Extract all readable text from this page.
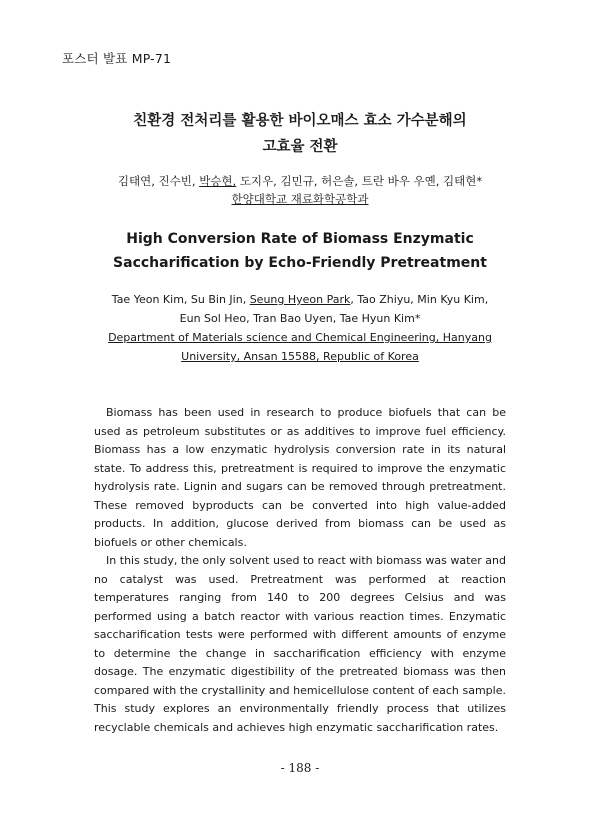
포스터 발표 MP-71
친환경 전처리를 활용한 바이오매스 효소 가수분해의
고효율 전환
김태연, 진수빈, 박승현, 도지우, 김민규, 허은솔, 트란 바우 우옌, 김태현*
한양대학교 재료화학공학과
High Conversion Rate of Biomass Enzymatic
Saccharification by Echo-Friendly Pretreatment
Tae Yeon Kim, Su Bin Jin, Seung Hyeon Park, Tao Zhiyu, Min Kyu Kim,
Eun Sol Heo, Tran Bao Uyen, Tae Hyun Kim*
Department of Materials science and Chemical Engineering, Hanyang
University, Ansan 15588, Republic of Korea

Biomass has been used in research to produce biofuels that can be used as petroleum substitutes or as additives to improve fuel efficiency. Biomass has a low enzymatic hydrolysis conversion rate in its natural state. To address this, pretreatment is required to improve the enzymatic hydrolysis rate. Lignin and sugars can be removed through pretreatment. These removed byproducts can be converted into high value-added products. In addition, glucose derived from biomass can be used as biofuels or other chemicals.

In this study, the only solvent used to react with biomass was water and no catalyst was used. Pretreatment was performed at reaction temperatures ranging from 140 to 200 degrees Celsius and was performed using a batch reactor with various reaction times. Enzymatic saccharification tests were performed with different amounts of enzyme to determine the change in saccharification efficiency with enzyme dosage. The enzymatic digestibility of the pretreated biomass was then compared with the crystallinity and hemicellulose content of each sample. This study explores an environmentally friendly process that utilizes recyclable chemicals and achieves high enzymatic saccharification rates.

- 188 -
